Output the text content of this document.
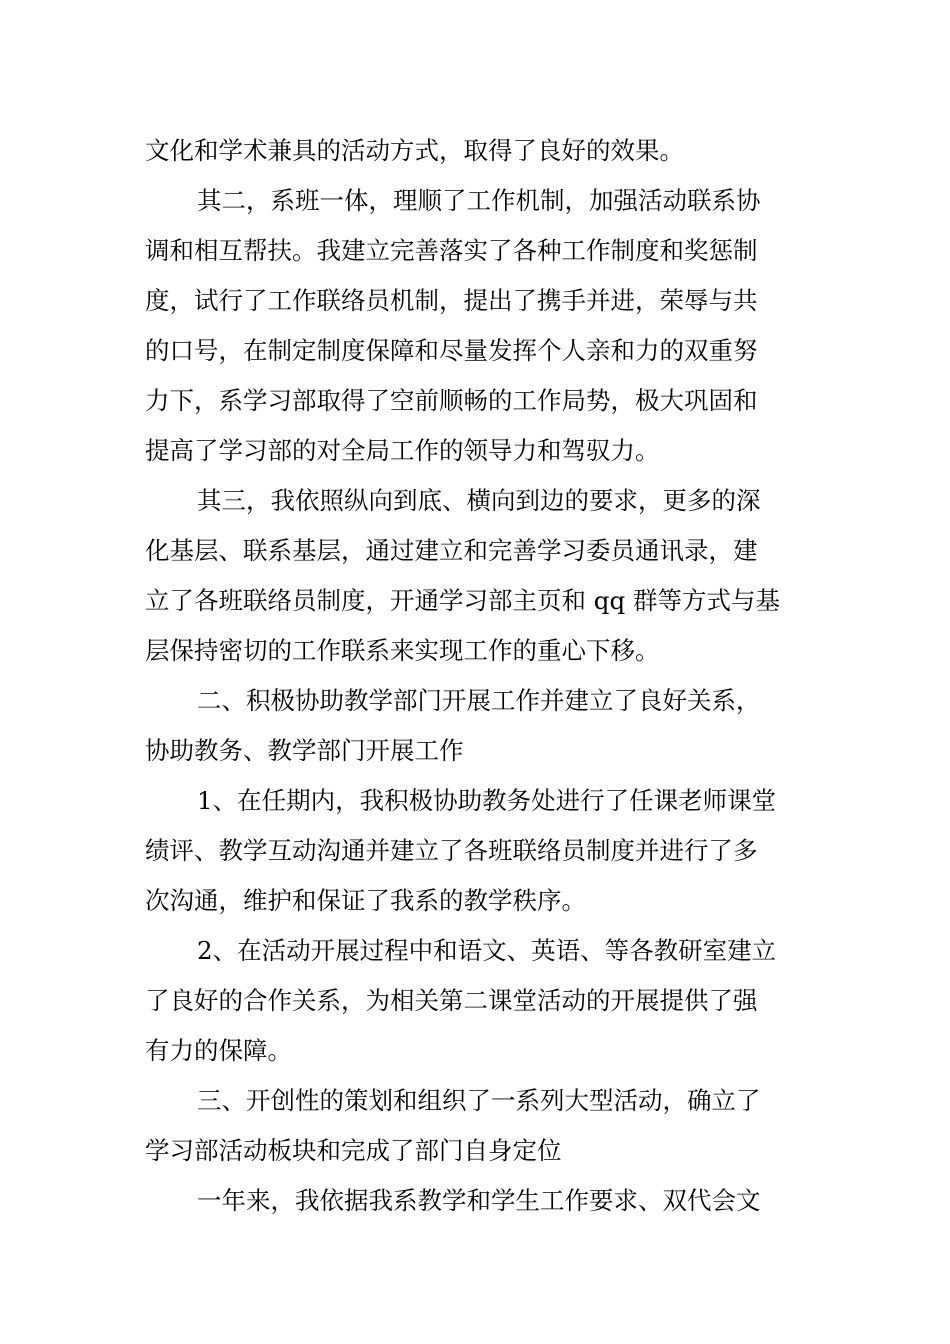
文化和学术兼具的活动方式，取得了良好的效果。
其二，系班一体，理顺了工作机制，加强活动联系协
调和相互帮扶。我建立完善落实了各种工作制度和奖惩制
度，试行了工作联络员机制，提出了携手并进，荣辱与共
的口号，在制定制度保障和尽量发挥个人亲和力的双重努
力下，系学习部取得了空前顺畅的工作局势，极大巩固和
提高了学习部的对全局工作的领导力和驾驭力。
其三，我依照纵向到底、横向到边的要求，更多的深
化基层、联系基层，通过建立和完善学习委员通讯录，建
立了各班联络员制度，开通学习部主页和 qq 群等方式与基
层保持密切的工作联系来实现工作的重心下移。
二、积极协助教学部门开展工作并建立了良好关系，
协助教务、教学部门开展工作
1、在任期内，我积极协助教务处进行了任课老师课堂
绩评、教学互动沟通并建立了各班联络员制度并进行了多
次沟通，维护和保证了我系的教学秩序。
2、在活动开展过程中和语文、英语、等各教研室建立
了良好的合作关系，为相关第二课堂活动的开展提供了强
有力的保障。
三、开创性的策划和组织了一系列大型活动，确立了
学习部活动板块和完成了部门自身定位
一年来，我依据我系教学和学生工作要求、双代会文
